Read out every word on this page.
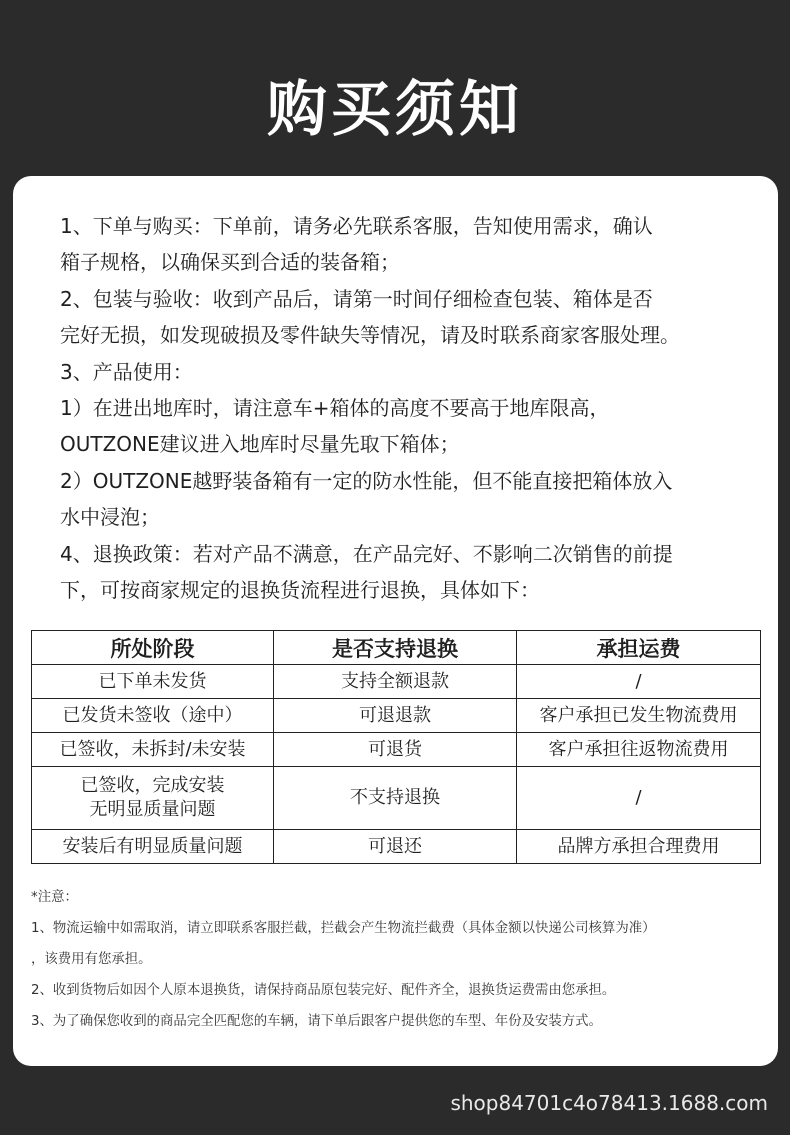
购买须知

1、下单与购买：下单前，请务必先联系客服，告知使用需求，确认

箱子规格，以确保买到合适的装备箱；

2、包装与验收：收到产品后，请第一时间仔细检查包装、箱体是否

完好无损，如发现破损及零件缺失等情况，请及时联系商家客服处理。

3、产品使用：

1）在进出地库时，请注意车+箱体的高度不要高于地库限高，

OUTZONE建议进入地库时尽量先取下箱体；

2）OUTZONE越野装备箱有一定的防水性能，但不能直接把箱体放入

水中浸泡；

4、退换政策：若对产品不满意，在产品完好、不影响二次销售的前提

下，可按商家规定的退换货流程进行退换，具体如下：

所处阶段	是否支持退换	承担运费
已下单未发货	支持全额退款	/
已发货未签收（途中）	可退退款	客户承担已发生物流费用
已签收，未拆封/未安装	可退货	客户承担往返物流费用

已签收，完成安装
无明显质量问题	不支持退换	/
安装后有明显质量问题	可退还	品牌方承担合理费用

*注意：

1、物流运输中如需取消，请立即联系客服拦截，拦截会产生物流拦截费（具体金额以快递公司核算为准）

，该费用有您承担。

2、收到货物后如因个人原本退换货，请保持商品原包装完好、配件齐全，退换货运费需由您承担。

3、为了确保您收到的商品完全匹配您的车辆，请下单后跟客户提供您的车型、年份及安装方式。

shop84701c4o78413.1688.com
